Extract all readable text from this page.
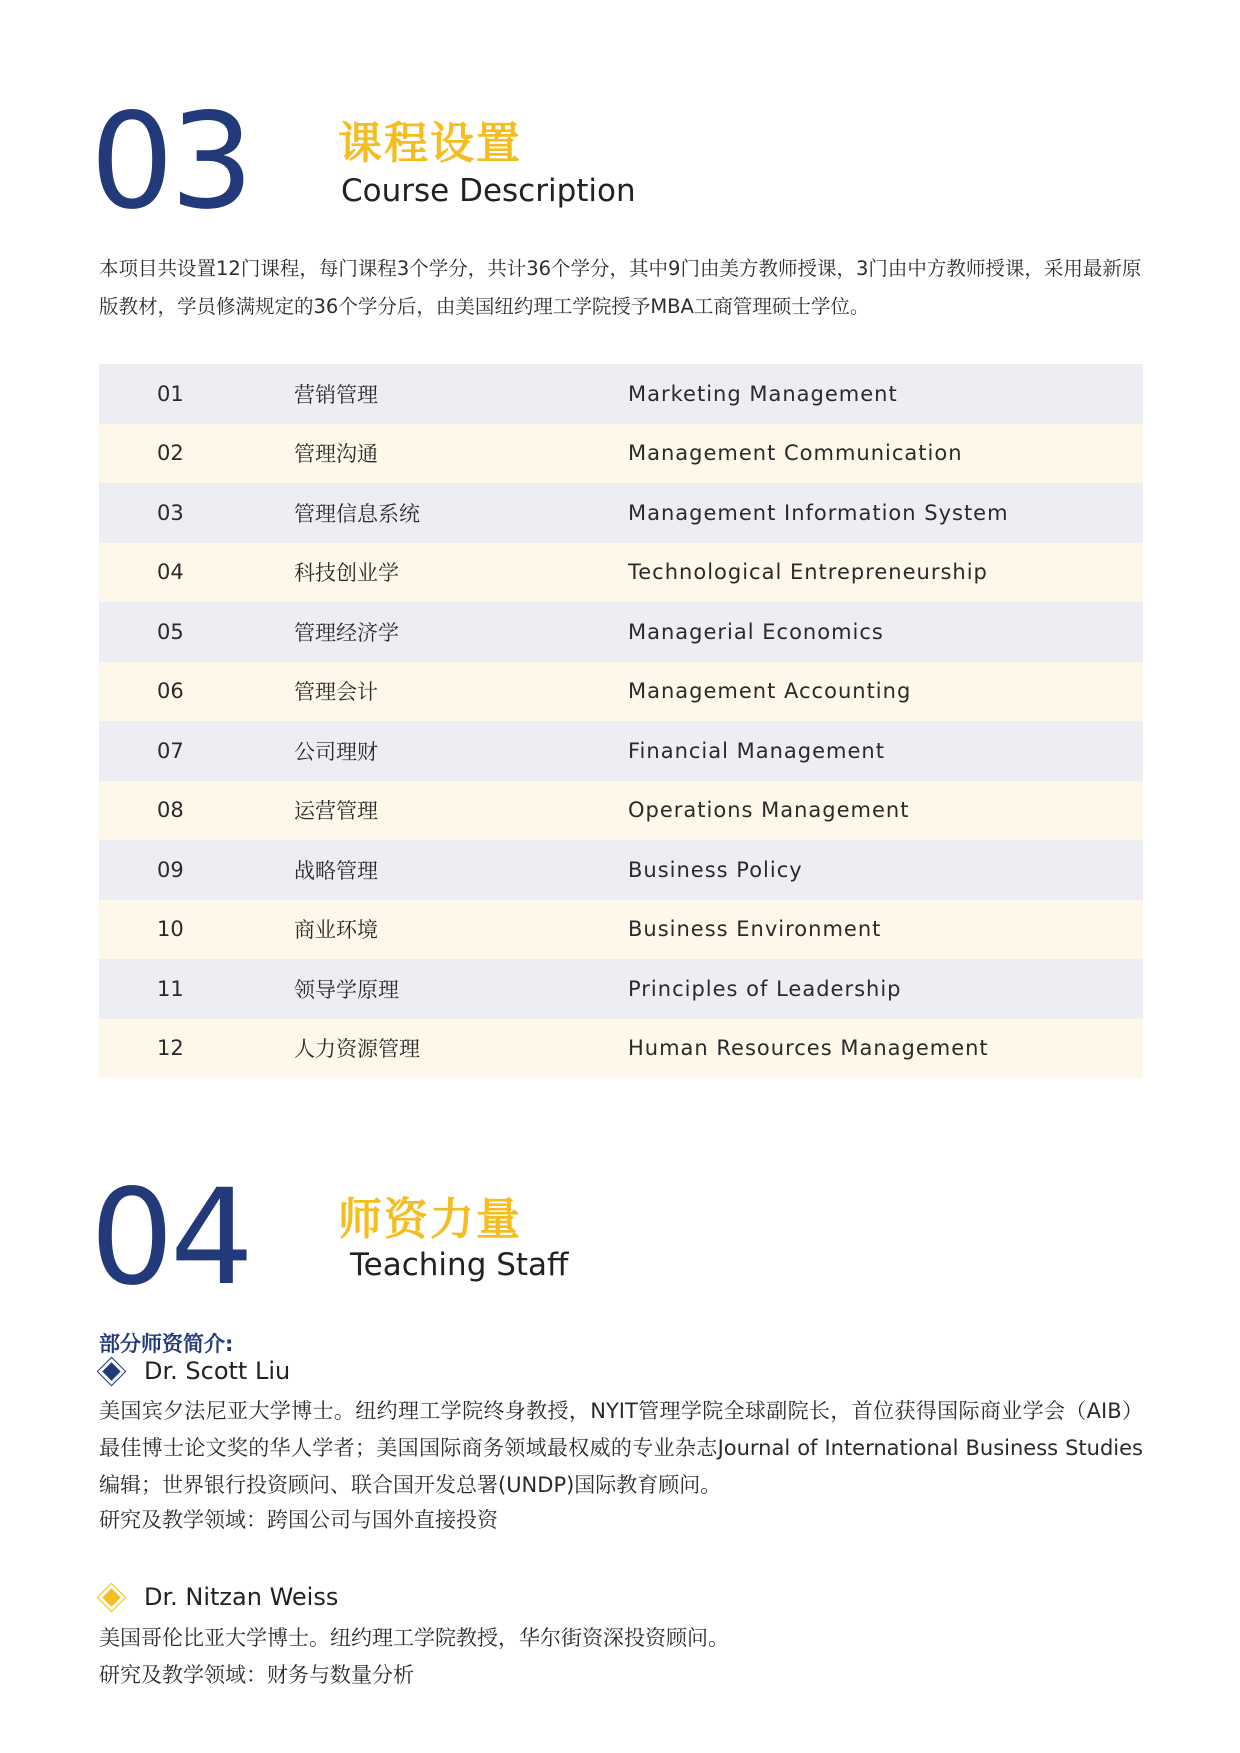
03 课程设置
Course Description
本项目共设置12门课程，每门课程3个学分，共计36个学分，其中9门由美方教师授课，3门由中方教师授课，采用最新原版教材，学员修满规定的36个学分后，由美国纽约理工学院授予MBA工商管理硕士学位。
01	营销管理	Marketing Management
02	管理沟通	Management Communication
03	管理信息系统	Management Information System
04	科技创业学	Technological Entrepreneurship
05	管理经济学	Managerial Economics
06	管理会计	Management Accounting
07	公司理财	Financial Management
08	运营管理	Operations Management
09	战略管理	Business Policy
10	商业环境	Business Environment
11	领导学原理	Principles of Leadership
12	人力资源管理	Human Resources Management
04 师资力量
Teaching Staff
部分师资简介:
Dr. Scott Liu
美国宾夕法尼亚大学博士。纽约理工学院终身教授，NYIT管理学院全球副院长，首位获得国际商业学会（AIB）最佳博士论文奖的华人学者；美国国际商务领域最权威的专业杂志Journal of International Business Studies编辑；世界银行投资顾问、联合国开发总署(UNDP)国际教育顾问。
研究及教学领域：跨国公司与国外直接投资
Dr. Nitzan Weiss
美国哥伦比亚大学博士。纽约理工学院教授，华尔街资深投资顾问。
研究及教学领域：财务与数量分析
